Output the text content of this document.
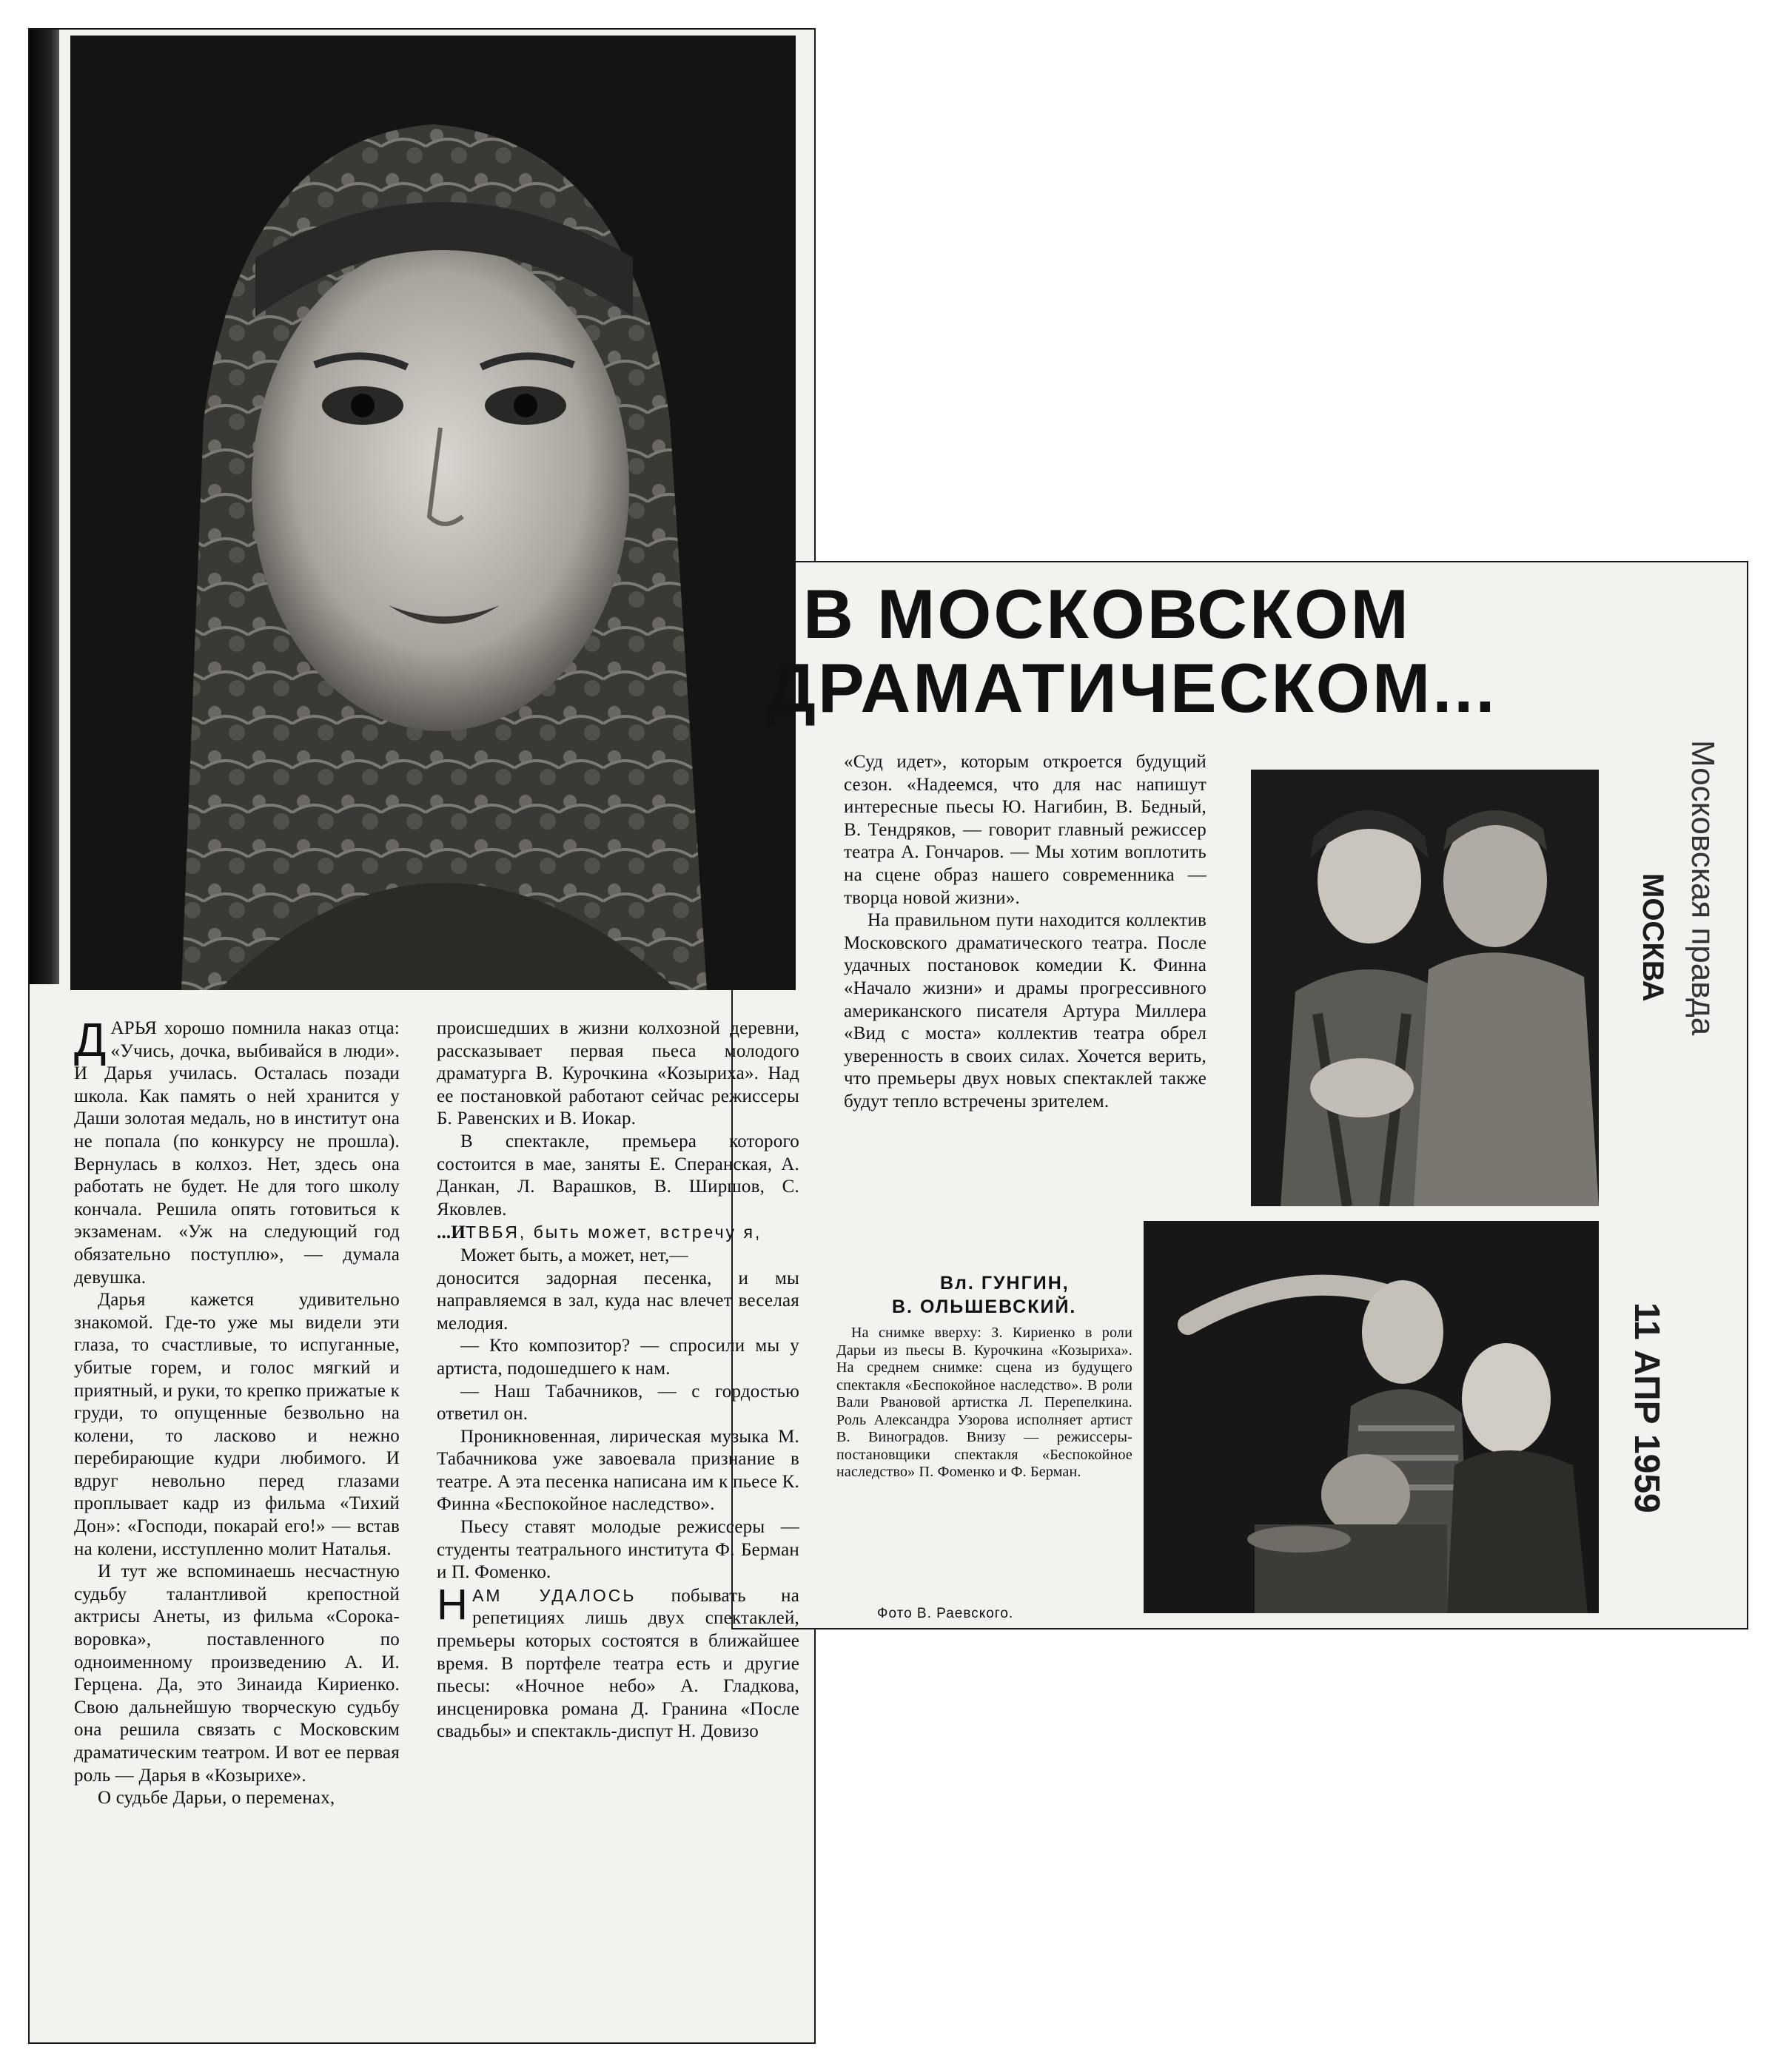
В МОСКОВСКОМ
ДРАМАТИЧЕСКОМ...

ДАРЬЯ хорошо помнила наказ отца: «Учись, дочка, выбивайся в люди». И Дарья училась. Осталась позади школа. Как память о ней хранится у Даши золотая медаль, но в институт она не попала (по конкурсу не прошла). Вернулась в колхоз. Нет, здесь она работать не будет. Не для того школу кончала. Решила опять готовиться к экзаменам. «Уж на следующий год обязательно поступлю», — думала девушка.

Дарья кажется удивительно знакомой. Где-то уже мы видели эти глаза, то счастливые, то испуганные, убитые горем, и голос мягкий и приятный, и руки, то крепко прижатые к груди, то опущенные безвольно на колени, то ласково и нежно перебирающие кудри любимого. И вдруг невольно перед глазами проплывает кадр из фильма «Тихий Дон»: «Господи, покарай его!» — встав на колени, исступленно молит Наталья.

И тут же вспоминаешь несчастную судьбу талантливой крепостной актрисы Анеты, из фильма «Сорока-воровка», поставленного по одноименному произведению А. И. Герцена. Да, это Зинаида Кириенко. Свою дальнейшую творческую судьбу она решила связать с Московским драматическим театром. И вот ее первая роль — Дарья в «Козырихе».

О судьбе Дарьи, о переменах,

происшедших в жизни колхозной деревни, рассказывает первая пьеса молодого драматурга В. Курочкина «Козыриха». Над ее постановкой работают сейчас режиссеры Б. Равенских и В. Иокар.

В спектакле, премьера которого состоится в мае, заняты Е. Сперанская, А. Данкан, Л. Варашков, В. Ширшов, С. Яковлев.

...ИТВБЯ, быть может, встречу я,

Может быть, а может, нет,—

доносится задорная песенка, и мы направляемся в зал, куда нас влечет веселая мелодия.

— Кто композитор? — спросили мы у артиста, подошедшего к нам.

— Наш Табачников, — с гордостью ответил он.

Проникновенная, лирическая музыка М. Табачникова уже завоевала признание в театре. А эта песенка написана им к пьесе К. Финна «Беспокойное наследство».

Пьесу ставят молодые режиссеры — студенты театрального института Ф. Берман и П. Фоменко.

НАМ УДАЛОСЬ побывать на репетициях лишь двух спектаклей, премьеры которых состоятся в ближайшее время. В портфеле театра есть и другие пьесы: «Ночное небо» А. Гладкова, инсценировка романа Д. Гранина «После свадьбы» и спектакль-диспут Н. Довизо

«Суд идет», которым откроется будущий сезон. «Надеемся, что для нас напишут интересные пьесы Ю. Нагибин, В. Бедный, В. Тендряков, — говорит главный режиссер театра А. Гончаров. — Мы хотим воплотить на сцене образ нашего современника — творца новой жизни».

На правильном пути находится коллектив Московского драматического театра. После удачных постановок комедии К. Финна «Начало жизни» и драмы прогрессивного американского писателя Артура Миллера «Вид с моста» коллектив театра обрел уверенность в своих силах. Хочется верить, что премьеры двух новых спектаклей также будут тепло встречены зрителем.

Вл. ГУНГИН,
В. ОЛЬШЕВСКИЙ.

На снимке вверху: З. Кириенко в роли Дарьи из пьесы В. Курочкина «Козыриха». На среднем снимке: сцена из будущего спектакля «Беспокойное наследство». В роли Вали Рвановой артистка Л. Перепелкина. Роль Александра Узорова исполняет артист В. Виноградов. Внизу — режиссеры-постановщики спектакля «Беспокойное наследство» П. Фоменко и Ф. Берман.

Фото В. Раевского.
Московская правда
МОСКВА
11 АПР 1959
